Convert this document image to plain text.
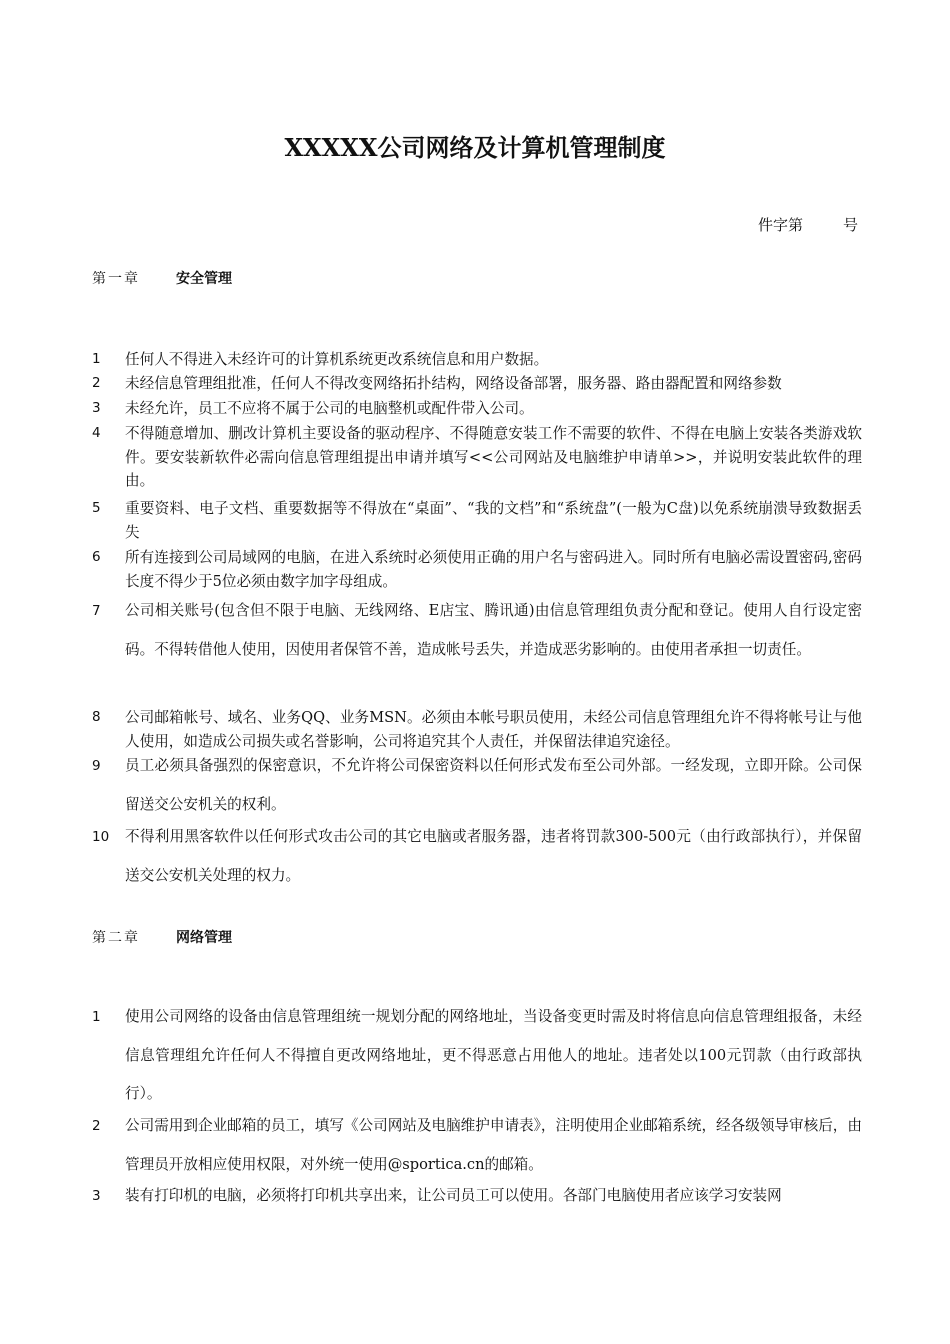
XXXXX公司网络及计算机管理制度
件字第	号
第一章	安全管理
1	任何人不得进入未经许可的计算机系统更改系统信息和用户数据。
2	未经信息管理组批准，任何人不得改变网络拓扑结构，网络设备部署，服务器、路由器配置和网络参数
3	未经允许，员工不应将不属于公司的电脑整机或配件带入公司。
4	不得随意增加、删改计算机主要设备的驱动程序、不得随意安装工作不需要的软件、不得在电脑上安装各类游戏软件。要安装新软件必需向信息管理组提出申请并填写<<公司网站及电脑维护申请单>>，并说明安装此软件的理由。
5	重要资料、电子文档、重要数据等不得放在“桌面”、“我的文档”和“系统盘”(一般为C盘)以免系统崩溃导致数据丢失
6	所有连接到公司局域网的电脑，在进入系统时必须使用正确的用户名与密码进入。同时所有电脑必需设置密码,密码长度不得少于5位必须由数字加字母组成。
7	公司相关账号(包含但不限于电脑、无线网络、E店宝、腾讯通)由信息管理组负责分配和登记。使用人自行设定密码。不得转借他人使用，因使用者保管不善，造成帐号丢失，并造成恶劣影响的。由使用者承担一切责任。
8	公司邮箱帐号、域名、业务QQ、业务MSN。必须由本帐号职员使用，未经公司信息管理组允许不得将帐号让与他人使用，如造成公司损失或名誉影响，公司将追究其个人责任，并保留法律追究途径。
9	员工必须具备强烈的保密意识，不允许将公司保密资料以任何形式发布至公司外部。一经发现，立即开除。公司保留送交公安机关的权利。
10	不得利用黑客软件以任何形式攻击公司的其它电脑或者服务器，违者将罚款300-500元（由行政部执行），并保留送交公安机关处理的权力。
第二章	网络管理
1	使用公司网络的设备由信息管理组统一规划分配的网络地址，当设备变更时需及时将信息向信息管理组报备，未经信息管理组允许任何人不得擅自更改网络地址，更不得恶意占用他人的地址。违者处以100元罚款（由行政部执行）。
2	公司需用到企业邮箱的员工，填写《公司网站及电脑维护申请表》，注明使用企业邮箱系统，经各级领导审核后，由管理员开放相应使用权限，对外统一使用@sportica.cn的邮箱。
3	装有打印机的电脑，必须将打印机共享出来，让公司员工可以使用。各部门电脑使用者应该学习安装网
